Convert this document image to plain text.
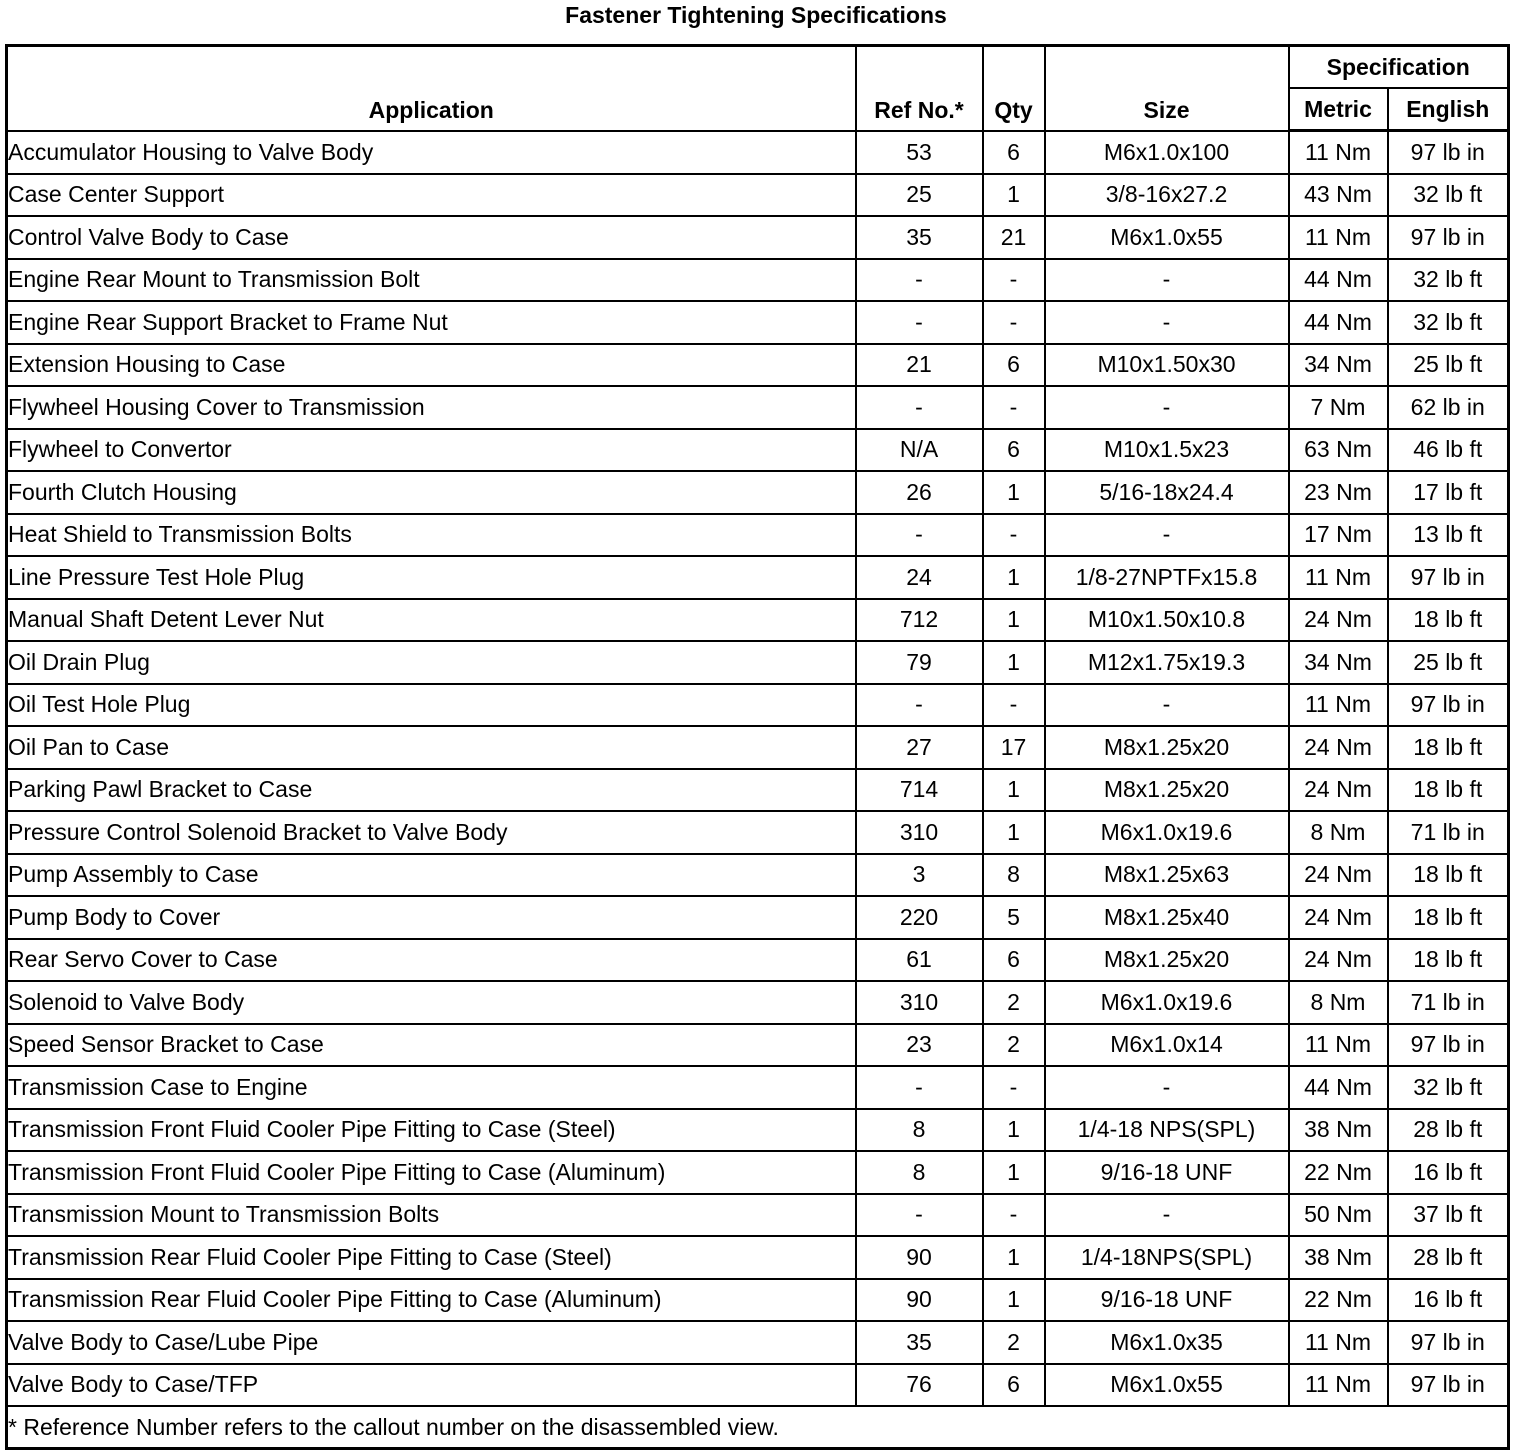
Fastener Tightening Specifications
Application	Ref No.*	Qty	Size	Specification	
				Metric	English
Accumulator Housing to Valve Body	53	6	M6x1.0x100	11 Nm	97 lb in
Case Center Support	25	1	3/8-16x27.2	43 Nm	32 lb ft
Control Valve Body to Case	35	21	M6x1.0x55	11 Nm	97 lb in
Engine Rear Mount to Transmission Bolt	-	-	-	44 Nm	32 lb ft
Engine Rear Support Bracket to Frame Nut	-	-	-	44 Nm	32 lb ft
Extension Housing to Case	21	6	M10x1.50x30	34 Nm	25 lb ft
Flywheel Housing Cover to Transmission	-	-	-	7 Nm	62 lb in
Flywheel to Convertor	N/A	6	M10x1.5x23	63 Nm	46 lb ft
Fourth Clutch Housing	26	1	5/16-18x24.4	23 Nm	17 lb ft
Heat Shield to Transmission Bolts	-	-	-	17 Nm	13 lb ft
Line Pressure Test Hole Plug	24	1	1/8-27NPTFx15.8	11 Nm	97 lb in
Manual Shaft Detent Lever Nut	712	1	M10x1.50x10.8	24 Nm	18 lb ft
Oil Drain Plug	79	1	M12x1.75x19.3	34 Nm	25 lb ft
Oil Test Hole Plug	-	-	-	11 Nm	97 lb in
Oil Pan to Case	27	17	M8x1.25x20	24 Nm	18 lb ft
Parking Pawl Bracket to Case	714	1	M8x1.25x20	24 Nm	18 lb ft
Pressure Control Solenoid Bracket to Valve Body	310	1	M6x1.0x19.6	8 Nm	71 lb in
Pump Assembly to Case	3	8	M8x1.25x63	24 Nm	18 lb ft
Pump Body to Cover	220	5	M8x1.25x40	24 Nm	18 lb ft
Rear Servo Cover to Case	61	6	M8x1.25x20	24 Nm	18 lb ft
Solenoid to Valve Body	310	2	M6x1.0x19.6	8 Nm	71 lb in
Speed Sensor Bracket to Case	23	2	M6x1.0x14	11 Nm	97 lb in
Transmission Case to Engine	-	-	-	44 Nm	32 lb ft
Transmission Front Fluid Cooler Pipe Fitting to Case (Steel)	8	1	1/4-18 NPS(SPL)	38 Nm	28 lb ft
Transmission Front Fluid Cooler Pipe Fitting to Case (Aluminum)	8	1	9/16-18 UNF	22 Nm	16 lb ft
Transmission Mount to Transmission Bolts	-	-	-	50 Nm	37 lb ft
Transmission Rear Fluid Cooler Pipe Fitting to Case (Steel)	90	1	1/4-18NPS(SPL)	38 Nm	28 lb ft
Transmission Rear Fluid Cooler Pipe Fitting to Case (Aluminum)	90	1	9/16-18 UNF	22 Nm	16 lb ft
Valve Body to Case/Lube Pipe	35	2	M6x1.0x35	11 Nm	97 lb in
Valve Body to Case/TFP	76	6	M6x1.0x55	11 Nm	97 lb in
* Reference Number refers to the callout number on the disassembled view.					
